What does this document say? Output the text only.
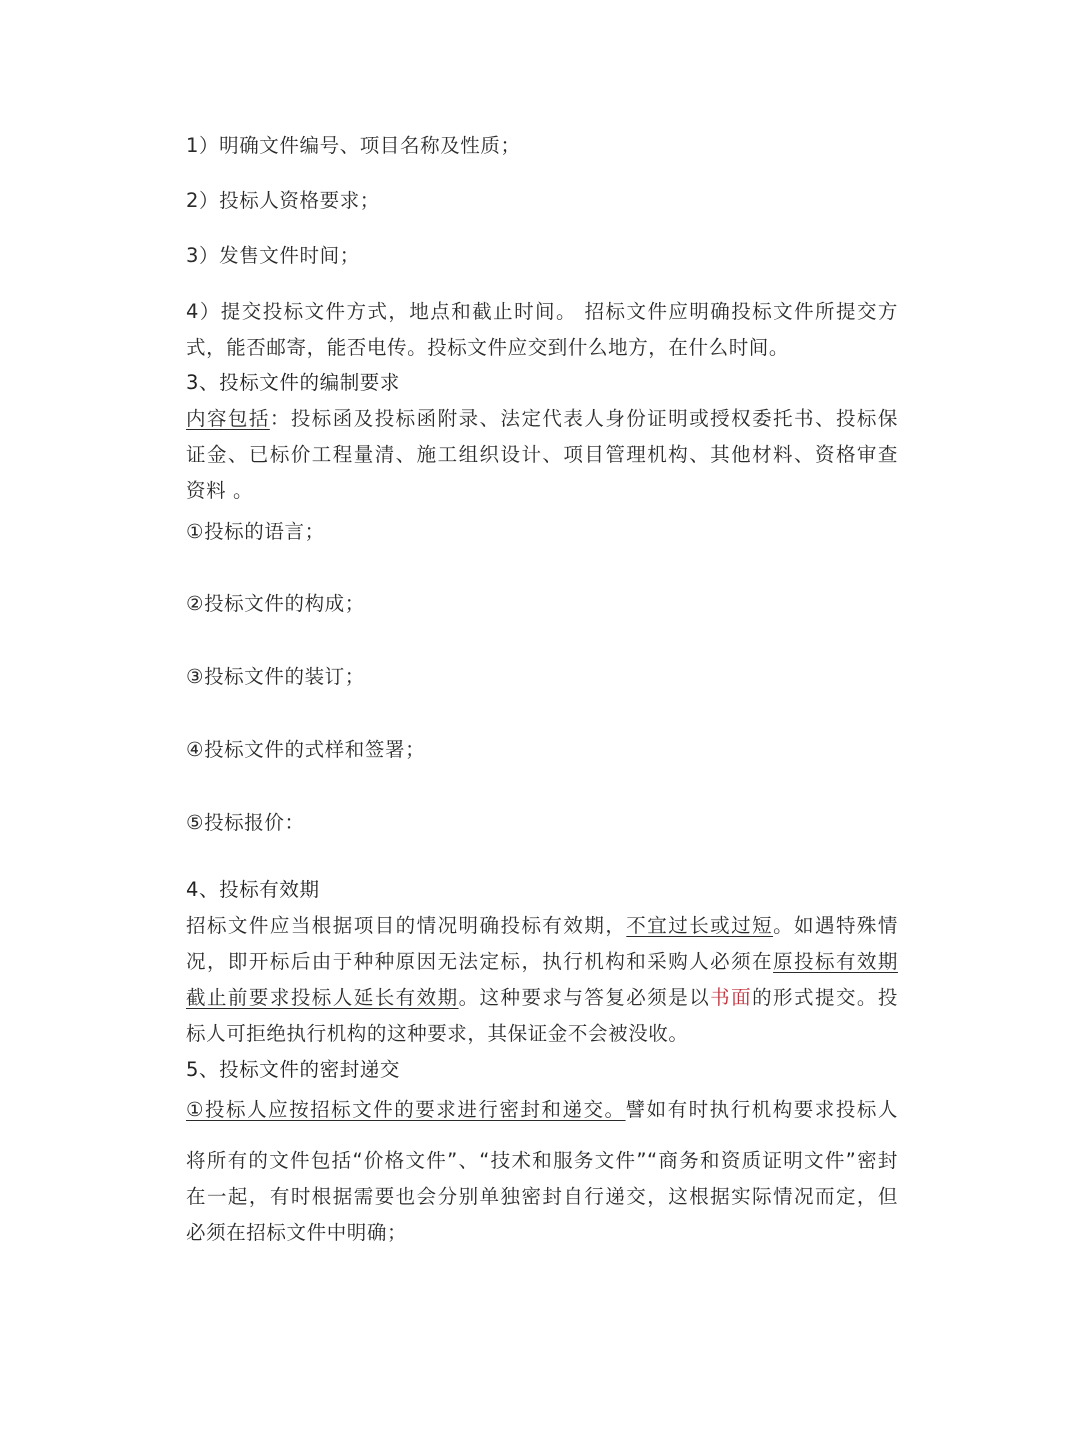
1）明确文件编号、项目名称及性质；
2）投标人资格要求；
3）发售文件时间；
4）提交投标文件方式，地点和截止时间。 招标文件应明确投标文件所提交方
式，能否邮寄，能否电传。投标文件应交到什么地方，在什么时间。
3、投标文件的编制要求
内容包括：投标函及投标函附录、法定代表人身份证明或授权委托书、投标保
证金、已标价工程量清、施工组织设计、项目管理机构、其他材料、资格审查
资料 。
①投标的语言；
②投标文件的构成；
③投标文件的装订；
④投标文件的式样和签署；
⑤投标报价：
4、投标有效期
招标文件应当根据项目的情况明确投标有效期，不宜过长或过短。如遇特殊情
况，即开标后由于种种原因无法定标，执行机构和采购人必须在原投标有效期
截止前要求投标人延长有效期。这种要求与答复必须是以书面的形式提交。投
标人可拒绝执行机构的这种要求，其保证金不会被没收。
5、投标文件的密封递交
①投标人应按招标文件的要求进行密封和递交。譬如有时执行机构要求投标人
将所有的文件包括“价格文件”、“技术和服务文件”“商务和资质证明文件”密封
在一起，有时根据需要也会分别单独密封自行递交，这根据实际情况而定，但
必须在招标文件中明确；
